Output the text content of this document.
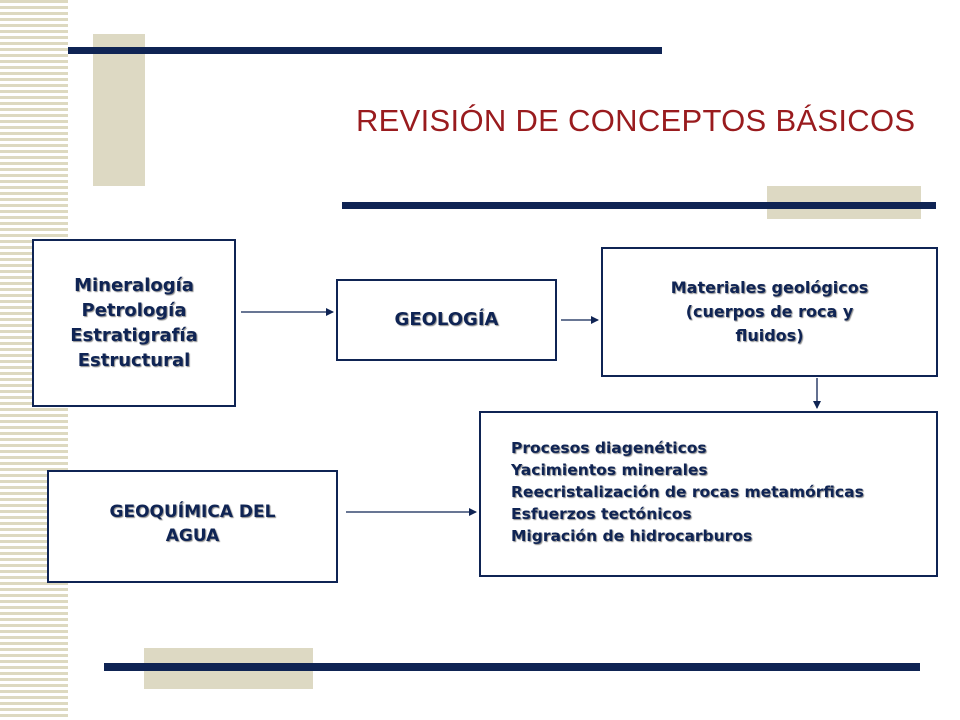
REVISIÓN DE CONCEPTOS BÁSICOS
Mineralogía
Petrología
Estratigrafía
Estructural
GEOLOGÍA
Materiales geológicos
(cuerpos de roca y
fluidos)
GEOQUÍMICA DEL
AGUA
Procesos diagenéticos
Yacimientos minerales
Reecristalización de rocas metamórficas
Esfuerzos tectónicos
Migración de hidrocarburos
